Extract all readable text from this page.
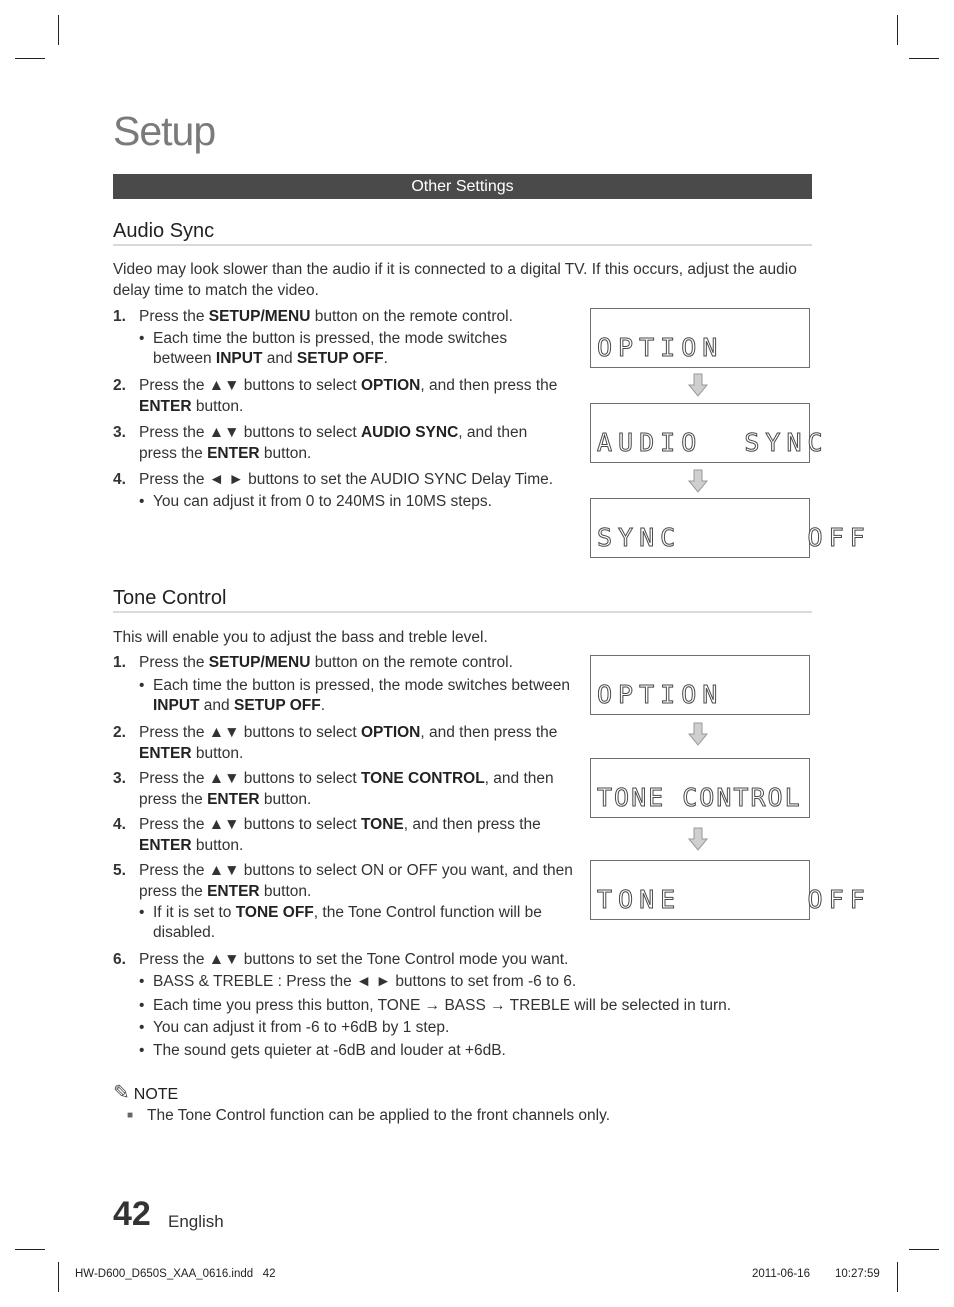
Setup
Other Settings
Audio Sync
Video may look slower than the audio if it is connected to a digital TV. If this occurs, adjust the audio
delay time to match the video.
1. Press the SETUP/MENU button on the remote control.
• Each time the button is pressed, the mode switches
between INPUT and SETUP OFF.
2. Press the ▲▼ buttons to select OPTION, and then press the
ENTER button.
3. Press the ▲▼ buttons to select AUDIO SYNC, and then
press the ENTER button.
4. Press the ◄ ► buttons to set the AUDIO SYNC Delay Time.
• You can adjust it from 0 to 240MS in 10MS steps.
OPTION
AUDIO  SYNC
SYNC      OFF
Tone Control
This will enable you to adjust the bass and treble level.
1. Press the SETUP/MENU button on the remote control.
• Each time the button is pressed, the mode switches between
INPUT and SETUP OFF.
2. Press the ▲▼ buttons to select OPTION, and then press the
ENTER button.
3. Press the ▲▼ buttons to select TONE CONTROL, and then
press the ENTER button.
4. Press the ▲▼ buttons to select TONE, and then press the
ENTER button.
5. Press the ▲▼ buttons to select ON or OFF you want, and then
press the ENTER button.
• If it is set to TONE OFF, the Tone Control function will be
disabled.
6. Press the ▲▼ buttons to set the Tone Control mode you want.
• BASS & TREBLE : Press the ◄ ► buttons to set from -6 to 6.
• Each time you press this button, TONE → BASS → TREBLE will be selected in turn.
• You can adjust it from -6 to +6dB by 1 step.
• The sound gets quieter at -6dB and louder at +6dB.
OPTION
TONE CONTROL
TONE      OFF
✎ NOTE
■ The Tone Control function can be applied to the front channels only.
42 English
HW-D600_D650S_XAA_0616.indd   42	2011-06-16 10:27:59
